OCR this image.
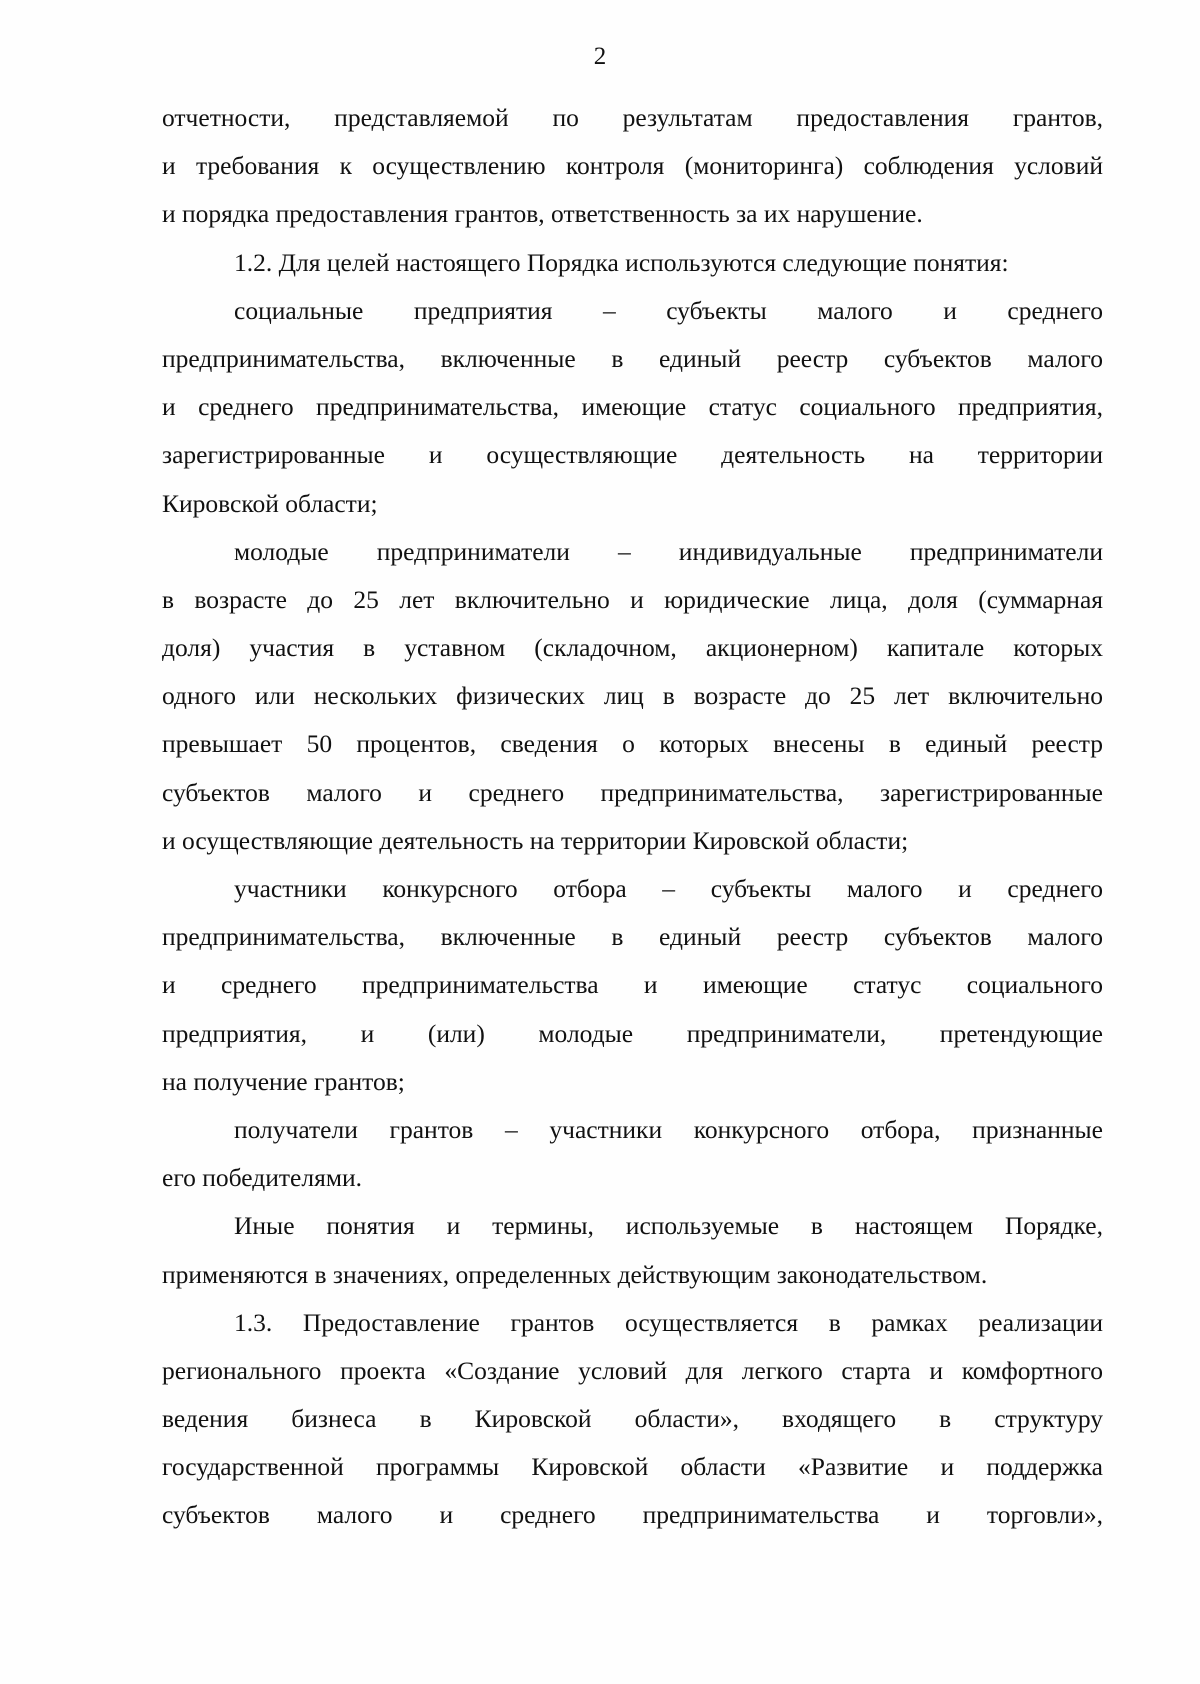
2
отчетности, представляемой по результатам предоставления грантов,
и требования к осуществлению контроля (мониторинга) соблюдения условий
и порядка предоставления грантов, ответственность за их нарушение.
1.2. Для целей настоящего Порядка используются следующие понятия:
социальные предприятия – субъекты малого и среднего
предпринимательства, включенные в единый реестр субъектов малого
и среднего предпринимательства, имеющие статус социального предприятия,
зарегистрированные и осуществляющие деятельность на территории
Кировской области;
молодые предприниматели – индивидуальные предприниматели
в возрасте до 25 лет включительно и юридические лица, доля (суммарная
доля) участия в уставном (складочном, акционерном) капитале которых
одного или нескольких физических лиц в возрасте до 25 лет включительно
превышает 50 процентов, сведения о которых внесены в единый реестр
субъектов малого и среднего предпринимательства, зарегистрированные
и осуществляющие деятельность на территории Кировской области;
участники конкурсного отбора – субъекты малого и среднего
предпринимательства, включенные в единый реестр субъектов малого
и среднего предпринимательства и имеющие статус социального
предприятия, и (или) молодые предприниматели, претендующие
на получение грантов;
получатели грантов – участники конкурсного отбора, признанные
его победителями.
Иные понятия и термины, используемые в настоящем Порядке,
применяются в значениях, определенных действующим законодательством.
1.3. Предоставление грантов осуществляется в рамках реализации
регионального проекта «Создание условий для легкого старта и комфортного
ведения бизнеса в Кировской области», входящего в структуру
государственной программы Кировской области «Развитие и поддержка
субъектов малого и среднего предпринимательства и торговли»,
